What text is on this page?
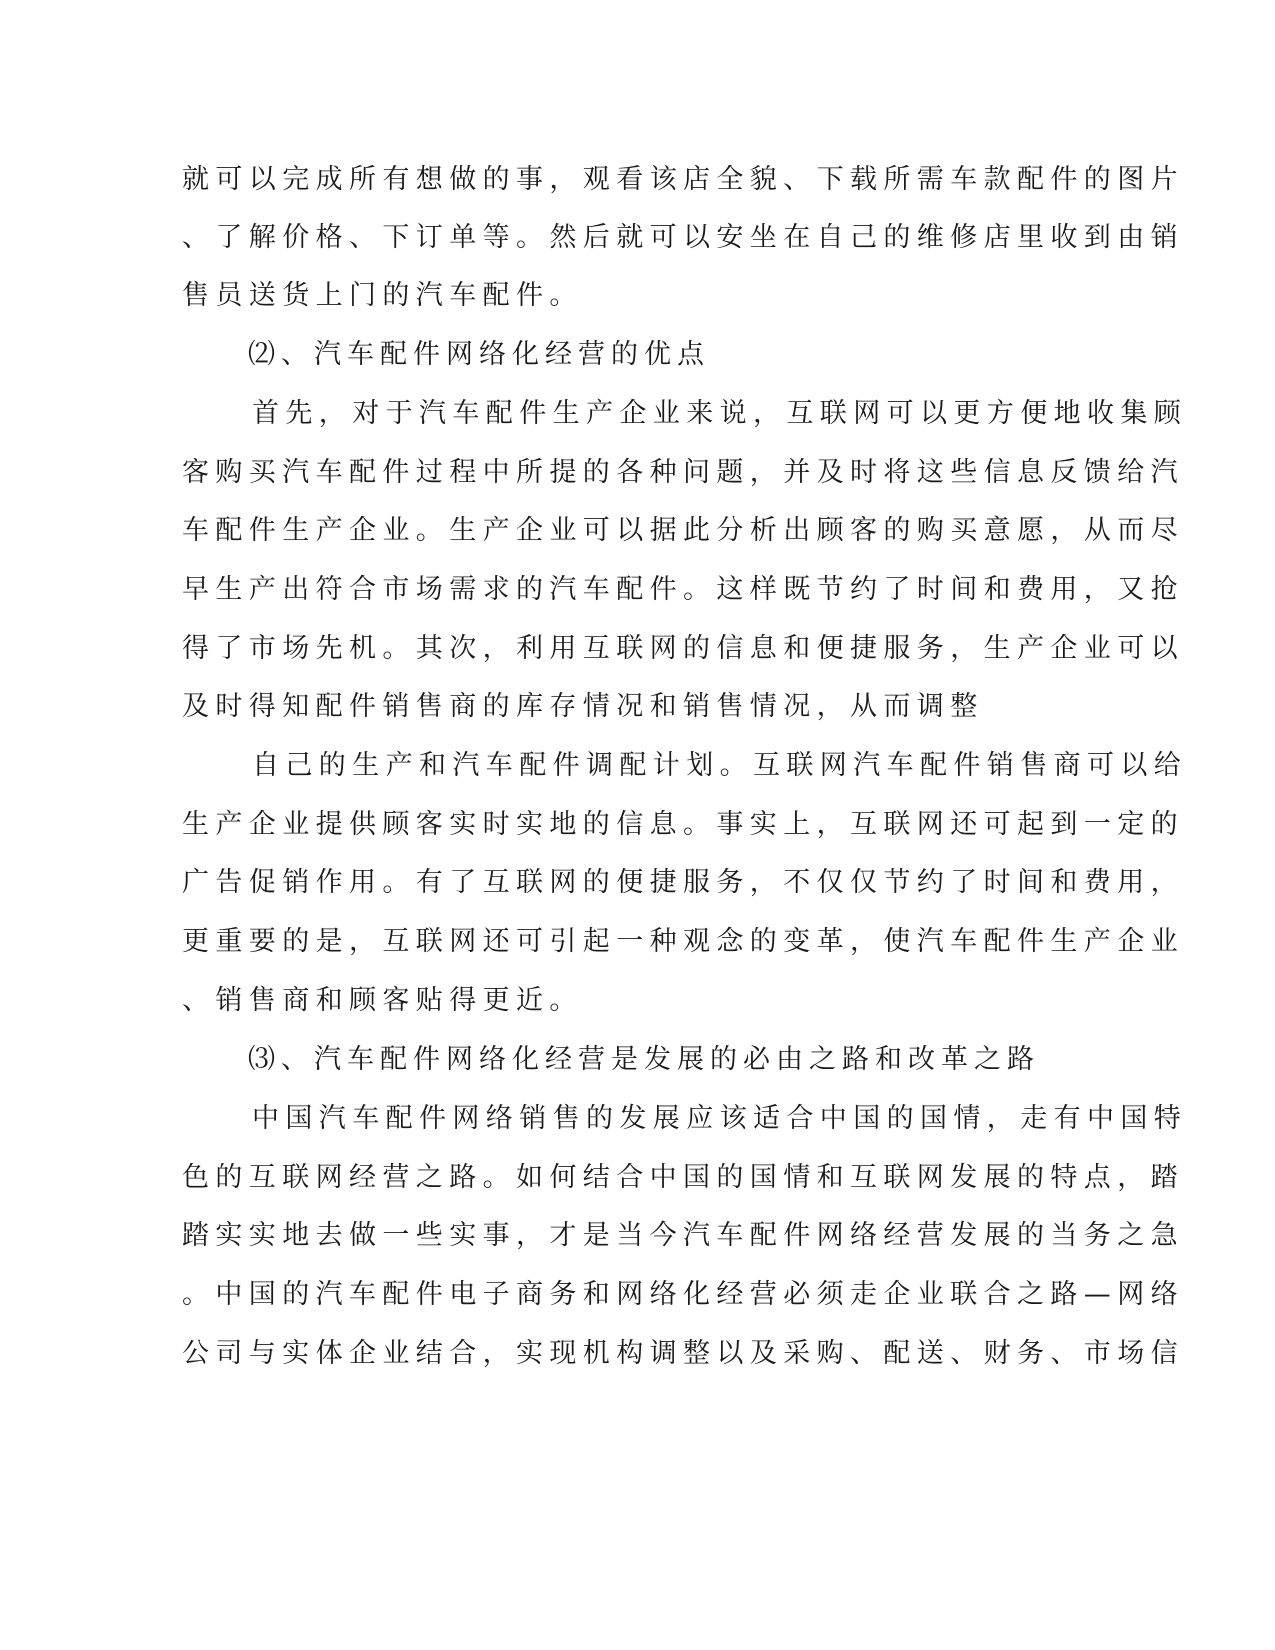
就可以完成所有想做的事，观看该店全貌、下载所需车款配件的图片
、了解价格、下订单等。然后就可以安坐在自己的维修店里收到由销
售员送货上门的汽车配件。
⑵、汽车配件网络化经营的优点
首先，对于汽车配件生产企业来说，互联网可以更方便地收集顾
客购买汽车配件过程中所提的各种问题，并及时将这些信息反馈给汽
车配件生产企业。生产企业可以据此分析出顾客的购买意愿，从而尽
早生产出符合市场需求的汽车配件。这样既节约了时间和费用，又抢
得了市场先机。其次，利用互联网的信息和便捷服务，生产企业可以
及时得知配件销售商的库存情况和销售情况，从而调整
自己的生产和汽车配件调配计划。互联网汽车配件销售商可以给
生产企业提供顾客实时实地的信息。事实上，互联网还可起到一定的
广告促销作用。有了互联网的便捷服务，不仅仅节约了时间和费用，
更重要的是，互联网还可引起一种观念的变革，使汽车配件生产企业
、销售商和顾客贴得更近。
⑶、汽车配件网络化经营是发展的必由之路和改革之路
中国汽车配件网络销售的发展应该适合中国的国情，走有中国特
色的互联网经营之路。如何结合中国的国情和互联网发展的特点，踏
踏实实地去做一些实事，才是当今汽车配件网络经营发展的当务之急
。中国的汽车配件电子商务和网络化经营必须走企业联合之路—网络
公司与实体企业结合，实现机构调整以及采购、配送、财务、市场信
